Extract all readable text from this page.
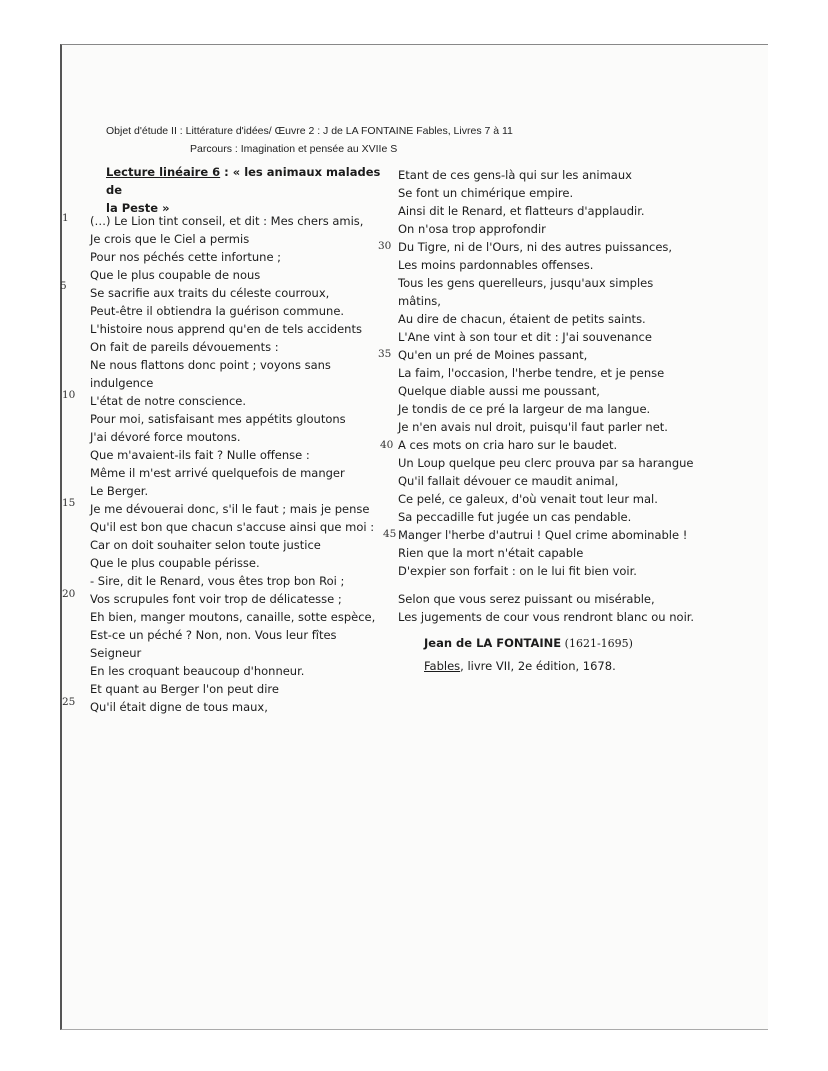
Objet d'étude II : Littérature d'idées/ Œuvre 2 : J de LA FONTAINE Fables, Livres 7 à 11
Parcours : Imagination et pensée au XVIIe S
Lecture linéaire 6 : « les animaux malades de
la Peste »
(…) Le Lion tint conseil, et dit : Mes chers amis,
Je crois que le Ciel a permis
Pour nos péchés cette infortune ;
Que le plus coupable de nous
Se sacrifie aux traits du céleste courroux,
Peut-être il obtiendra la guérison commune.
L'histoire nous apprend qu'en de tels accidents
On fait de pareils dévouements :
Ne nous flattons donc point ; voyons sans
indulgence
L'état de notre conscience.
Pour moi, satisfaisant mes appétits gloutons
J'ai dévoré force moutons.
Que m'avaient-ils fait ? Nulle offense :
Même il m'est arrivé quelquefois de manger
Le Berger.
Je me dévouerai donc, s'il le faut ; mais je pense
Qu'il est bon que chacun s'accuse ainsi que moi :
Car on doit souhaiter selon toute justice
Que le plus coupable périsse.
- Sire, dit le Renard, vous êtes trop bon Roi ;
Vos scrupules font voir trop de délicatesse ;
Eh bien, manger moutons, canaille, sotte espèce,
Est-ce un péché ? Non, non. Vous leur fîtes
Seigneur
En les croquant beaucoup d'honneur.
Et quant au Berger l'on peut dire
Qu'il était digne de tous maux,
Etant de ces gens-là qui sur les animaux
Se font un chimérique empire.
Ainsi dit le Renard, et flatteurs d'applaudir.
On n'osa trop approfondir
Du Tigre, ni de l'Ours, ni des autres puissances,
Les moins pardonnables offenses.
Tous les gens querelleurs, jusqu'aux simples
mâtins,
Au dire de chacun, étaient de petits saints.
L'Ane vint à son tour et dit : J'ai souvenance
Qu'en un pré de Moines passant,
La faim, l'occasion, l'herbe tendre, et je pense
Quelque diable aussi me poussant,
Je tondis de ce pré la largeur de ma langue.
Je n'en avais nul droit, puisqu'il faut parler net.
A ces mots on cria haro sur le baudet.
Un Loup quelque peu clerc prouva par sa harangue
Qu'il fallait dévouer ce maudit animal,
Ce pelé, ce galeux, d'où venait tout leur mal.
Sa peccadille fut jugée un cas pendable.
Manger l'herbe d'autrui ! Quel crime abominable !
Rien que la mort n'était capable
D'expier son forfait : on le lui fit bien voir.
Selon que vous serez puissant ou misérable,
Les jugements de cour vous rendront blanc ou noir.
Jean de LA FONTAINE (1621-1695)
Fables, livre VII, 2e édition, 1678.
1
5
10
15
20
25
30
35
40
45
